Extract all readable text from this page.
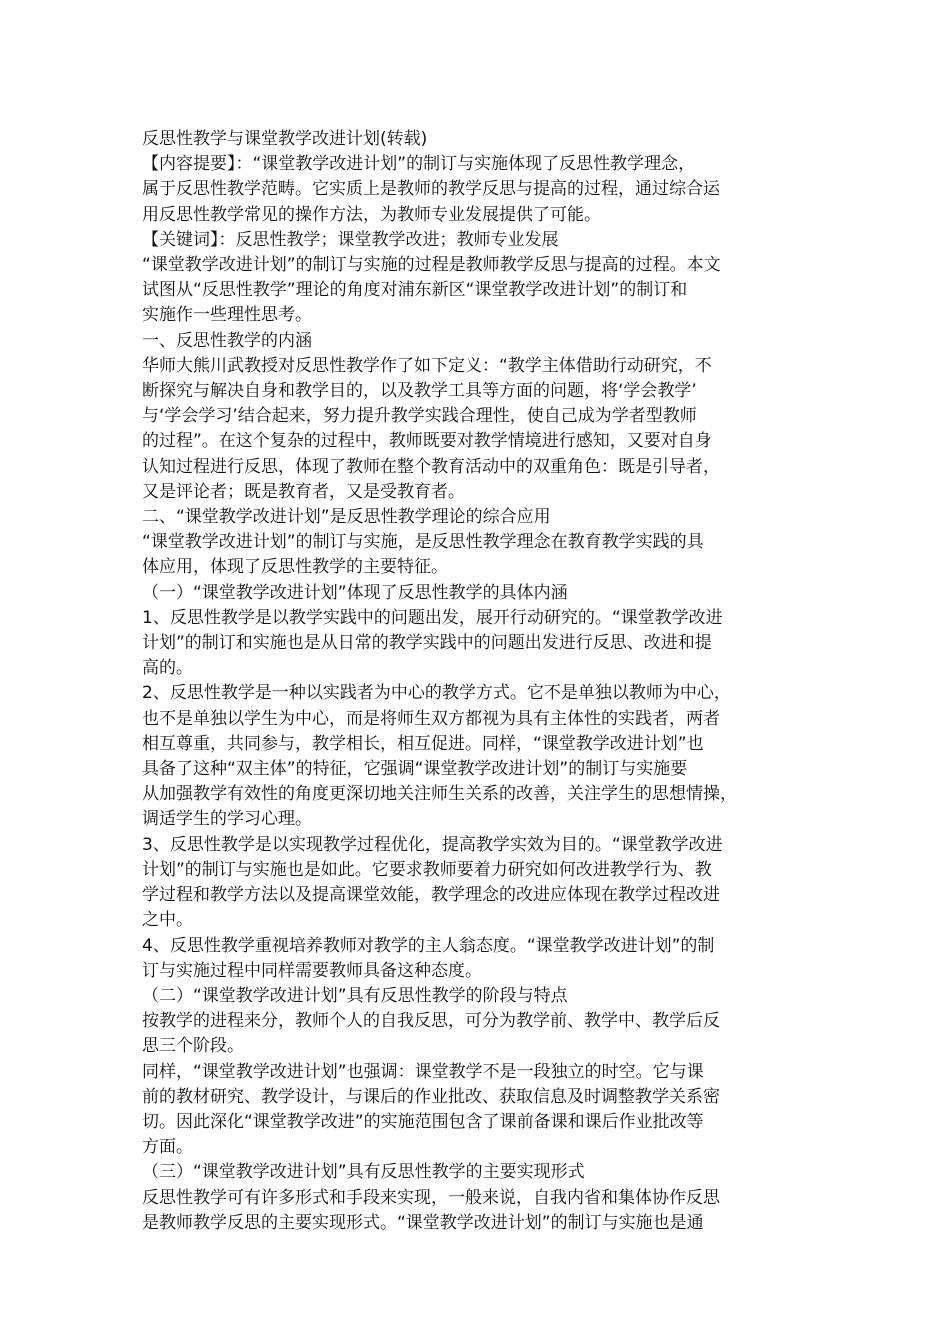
反思性教学与课堂教学改进计划(转载)
【内容提要】：“课堂教学改进计划”的制订与实施体现了反思性教学理念，
属于反思性教学范畴。它实质上是教师的教学反思与提高的过程，通过综合运
用反思性教学常见的操作方法，为教师专业发展提供了可能。
【关键词】：反思性教学；课堂教学改进；教师专业发展
“课堂教学改进计划”的制订与实施的过程是教师教学反思与提高的过程。本文
试图从“反思性教学”理论的角度对浦东新区“课堂教学改进计划”的制订和
实施作一些理性思考。
一、反思性教学的内涵
华师大熊川武教授对反思性教学作了如下定义：“教学主体借助行动研究，不
断探究与解决自身和教学目的，以及教学工具等方面的问题，将‘学会教学’
与‘学会学习’结合起来，努力提升教学实践合理性，使自己成为学者型教师
的过程”。在这个复杂的过程中，教师既要对教学情境进行感知，又要对自身
认知过程进行反思，体现了教师在整个教育活动中的双重角色：既是引导者，
又是评论者；既是教育者，又是受教育者。
二、“课堂教学改进计划”是反思性教学理论的综合应用
“课堂教学改进计划”的制订与实施，是反思性教学理念在教育教学实践的具
体应用，体现了反思性教学的主要特征。
（一）“课堂教学改进计划”体现了反思性教学的具体内涵
1、反思性教学是以教学实践中的问题出发，展开行动研究的。“课堂教学改进
计划”的制订和实施也是从日常的教学实践中的问题出发进行反思、改进和提
高的。
2、反思性教学是一种以实践者为中心的教学方式。它不是单独以教师为中心，
也不是单独以学生为中心，而是将师生双方都视为具有主体性的实践者，两者
相互尊重，共同参与，教学相长，相互促进。同样，“课堂教学改进计划”也
具备了这种“双主体”的特征，它强调“课堂教学改进计划”的制订与实施要
从加强教学有效性的角度更深切地关注师生关系的改善，关注学生的思想情操，
调适学生的学习心理。
3、反思性教学是以实现教学过程优化，提高教学实效为目的。“课堂教学改进
计划”的制订与实施也是如此。它要求教师要着力研究如何改进教学行为、教
学过程和教学方法以及提高课堂效能，教学理念的改进应体现在教学过程改进
之中。
4、反思性教学重视培养教师对教学的主人翁态度。“课堂教学改进计划”的制
订与实施过程中同样需要教师具备这种态度。
（二）“课堂教学改进计划”具有反思性教学的阶段与特点
按教学的进程来分，教师个人的自我反思，可分为教学前、教学中、教学后反
思三个阶段。
同样，“课堂教学改进计划”也强调：课堂教学不是一段独立的时空。它与课
前的教材研究、教学设计，与课后的作业批改、获取信息及时调整教学关系密
切。因此深化“课堂教学改进”的实施范围包含了课前备课和课后作业批改等
方面。
（三）“课堂教学改进计划”具有反思性教学的主要实现形式
反思性教学可有许多形式和手段来实现，一般来说，自我内省和集体协作反思
是教师教学反思的主要实现形式。“课堂教学改进计划”的制订与实施也是通
